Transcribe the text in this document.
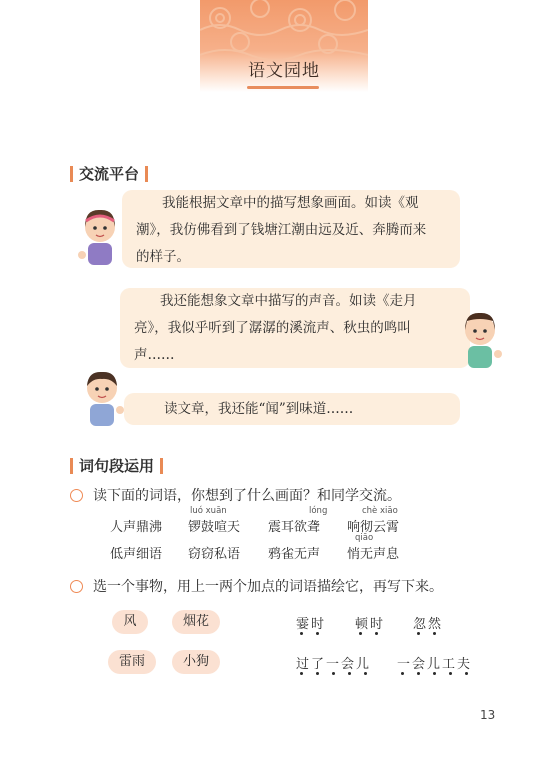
语文园地
交流平台
我能根据文章中的描写想象画面。如读《观
潮》，我仿佛看到了钱塘江潮由远及近、奔腾而来
的样子。
我还能想象文章中描写的声音。如读《走月
亮》，我似乎听到了潺潺的溪流声、秋虫的鸣叫
声……
读文章，我还能“闻”到味道……
词句段运用
读下面的词语，你想到了什么画面？和同学交流。
luó xuān	lóng	chè xiāo
人声鼎沸 锣鼓喧天 震耳欲聋 响彻云霄
qiāo
低声细语 窃窃私语 鸦雀无声 悄无声息
选一个事物，用上一两个加点的词语描绘它，再写下来。
风	烟花
雷雨	小狗
霎时 顿时 忽然
过了一会儿 一会儿工夫
13
